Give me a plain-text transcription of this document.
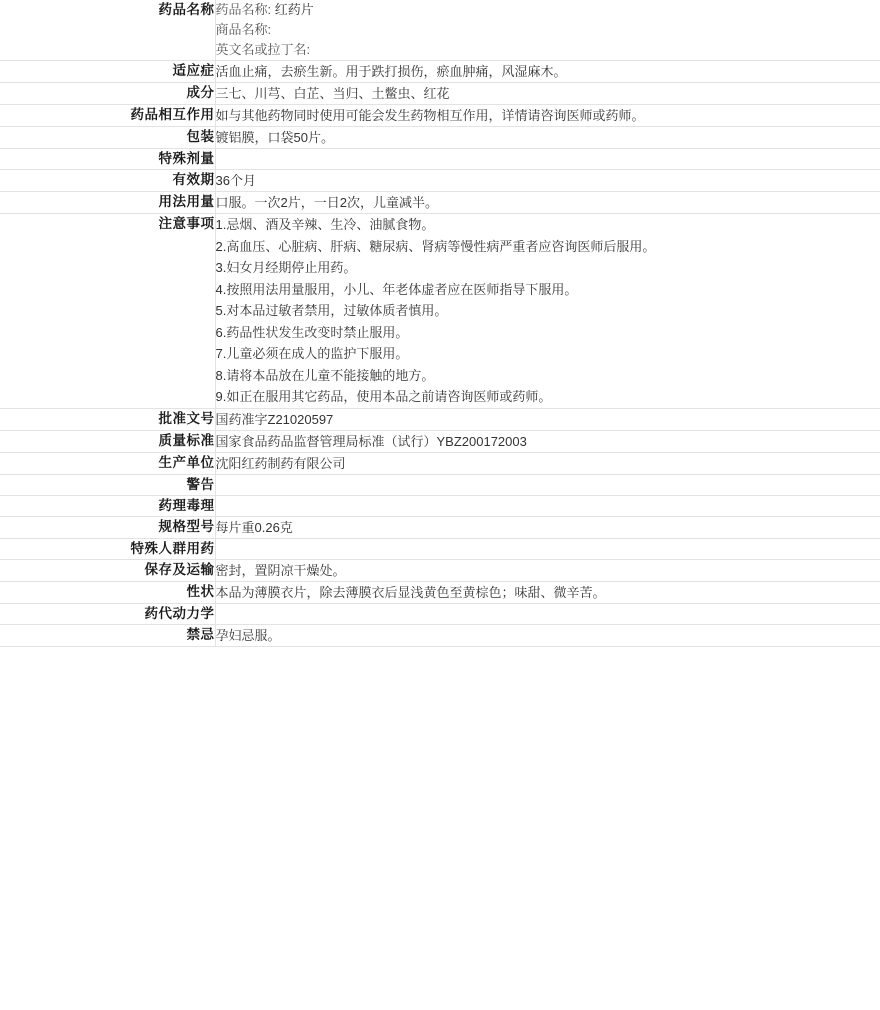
药品名称	药品名称: 红药片
商品名称:
英文名或拉丁名:

适应症	活血止痛，去瘀生新。用于跌打损伤，瘀血肿痛，风湿麻木。
成分	三七、川芎、白芷、当归、土鳖虫、红花
药品相互作用	如与其他药物同时使用可能会发生药物相互作用，详情请咨询医师或药师。
包装	镀铝膜，口袋50片。
特殊剂量	
有效期	36个月
用法用量	口服。一次2片，一日2次，儿童减半。
注意事项	1.忌烟、酒及辛辣、生冷、油腻食物。
2.高血压、心脏病、肝病、糖尿病、肾病等慢性病严重者应咨询医师后服用。
3.妇女月经期停止用药。
4.按照用法用量服用，小儿、年老体虚者应在医师指导下服用。
5.对本品过敏者禁用，过敏体质者慎用。
6.药品性状发生改变时禁止服用。
7.儿童必须在成人的监护下服用。
8.请将本品放在儿童不能接触的地方。
9.如正在服用其它药品，使用本品之前请咨询医师或药师。

批准文号	国药准字Z21020597
质量标准	国家食品药品监督管理局标准（试行）YBZ200172003
生产单位	沈阳红药制药有限公司
警告	
药理毒理	
规格型号	每片重0.26克
特殊人群用药	
保存及运输	密封，置阴凉干燥处。
性状	本品为薄膜衣片，除去薄膜衣后显浅黄色至黄棕色；味甜、微辛苦。
药代动力学	
禁忌	孕妇忌服。
